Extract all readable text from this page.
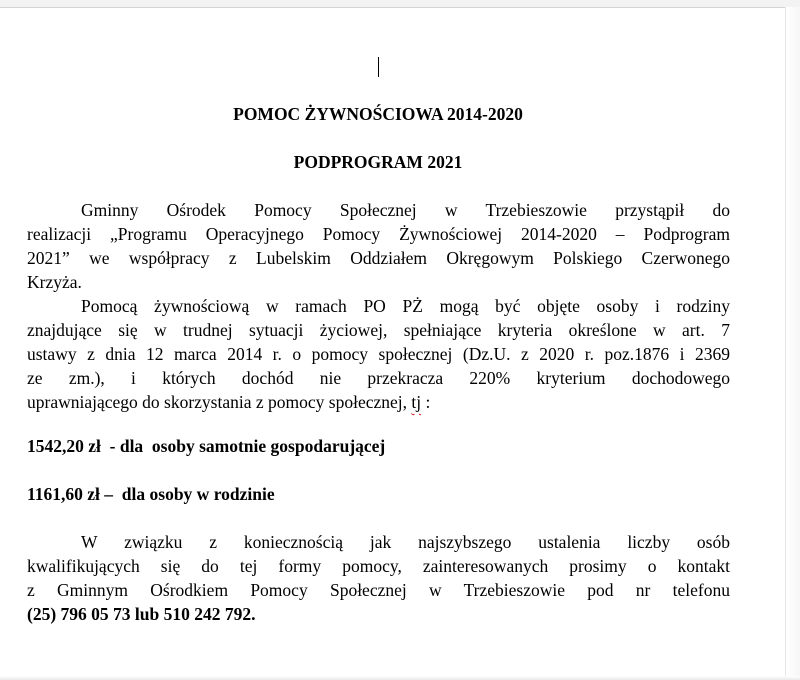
POMOC ŻYWNOŚCIOWA 2014-2020

PODPROGRAM 2021

Gminny Ośrodek Pomocy Społecznej w Trzebieszowie przystąpił do
realizacji „Programu Operacyjnego Pomocy Żywnościowej 2014-2020 – Podprogram
2021” we współpracy z Lubelskim Oddziałem Okręgowym Polskiego Czerwonego
Krzyża.
Pomocą żywnościową w ramach PO PŻ mogą być objęte osoby i rodziny
znajdujące się w trudnej sytuacji życiowej, spełniające kryteria określone w art. 7
ustawy z dnia 12 marca 2014 r. o pomocy społecznej (Dz.U. z 2020 r. poz.1876 i 2369
ze zm.), i których dochód nie przekracza 220% kryterium dochodowego
uprawniającego do skorzystania z pomocy społecznej, tj :

1542,20 zł  - dla  osoby samotnie gospodarującej

1161,60 zł –  dla osoby w rodzinie

W związku z koniecznością jak najszybszego ustalenia liczby osób
kwalifikujących się do tej formy pomocy, zainteresowanych prosimy o kontakt
z Gminnym Ośrodkiem Pomocy Społecznej w Trzebieszowie pod nr telefonu
(25) 796 05 73 lub 510 242 792.
